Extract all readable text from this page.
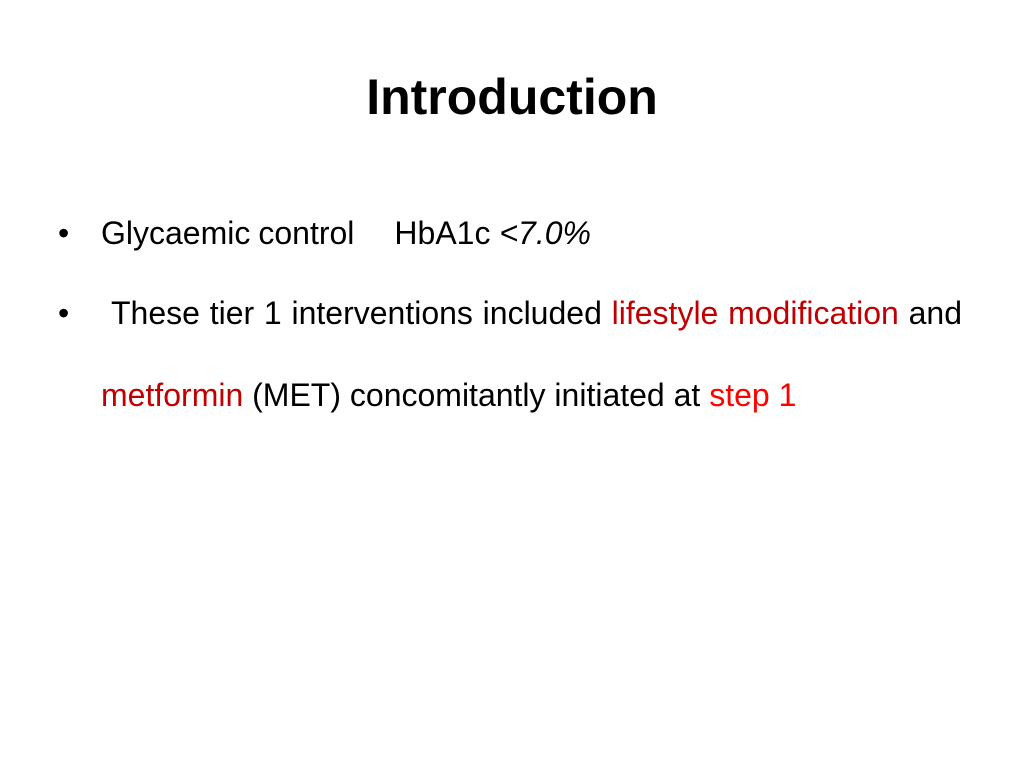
Introduction
• Glycaemic control HbA1c <7.0%
• These tier 1 interventions included lifestyle modification and metformin (MET) concomitantly initiated at step 1
